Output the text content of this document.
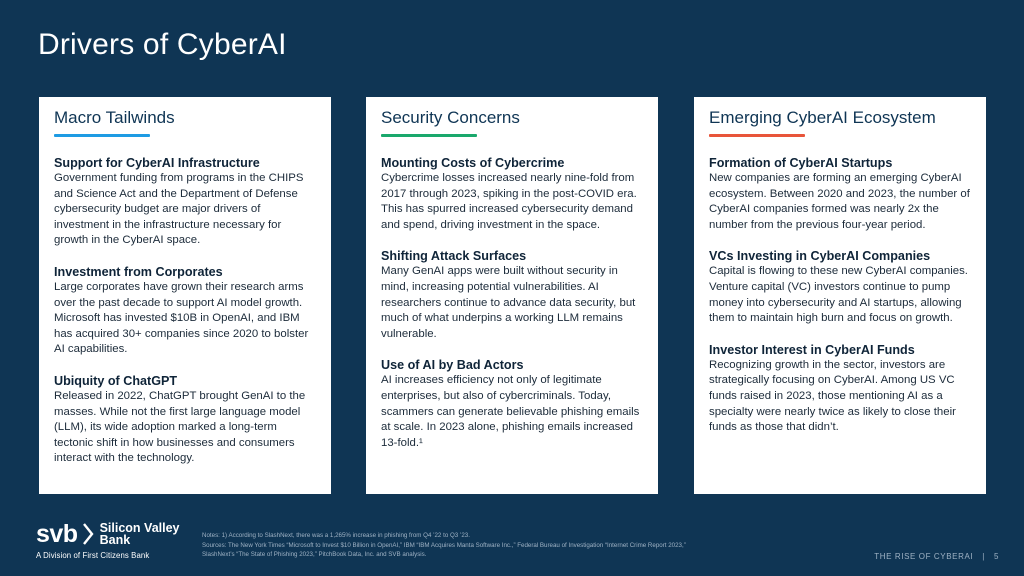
Drivers of CyberAI
Macro Tailwinds
Support for CyberAI Infrastructure
Government funding from programs in the CHIPS and Science Act and the Department of Defense cybersecurity budget are major drivers of investment in the infrastructure necessary for growth in the CyberAI space.
Investment from Corporates
Large corporates have grown their research arms over the past decade to support AI model growth. Microsoft has invested $10B in OpenAI, and IBM has acquired 30+ companies since 2020 to bolster AI capabilities.
Ubiquity of ChatGPT
Released in 2022, ChatGPT brought GenAI to the masses. While not the first large language model (LLM), its wide adoption marked a long-term tectonic shift in how businesses and consumers interact with the technology.
Security Concerns
Mounting Costs of Cybercrime
Cybercrime losses increased nearly nine-fold from 2017 through 2023, spiking in the post-COVID era. This has spurred increased cybersecurity demand and spend, driving investment in the space.
Shifting Attack Surfaces
Many GenAI apps were built without security in mind, increasing potential vulnerabilities. AI researchers continue to advance data security, but much of what underpins a working LLM remains vulnerable.
Use of AI by Bad Actors
AI increases efficiency not only of legitimate enterprises, but also of cybercriminals. Today, scammers can generate believable phishing emails at scale. In 2023 alone, phishing emails increased 13-fold.¹
Emerging CyberAI Ecosystem
Formation of CyberAI Startups
New companies are forming an emerging CyberAI ecosystem. Between 2020 and 2023, the number of CyberAI companies formed was nearly 2x the number from the previous four-year period.
VCs Investing in CyberAI Companies
Capital is flowing to these new CyberAI companies. Venture capital (VC) investors continue to pump money into cybersecurity and AI startups, allowing them to maintain high burn and focus on growth.
Investor Interest in CyberAI Funds
Recognizing growth in the sector, investors are strategically focusing on CyberAI. Among US VC funds raised in 2023, those mentioning AI as a specialty were nearly twice as likely to close their funds as those that didn’t.
svb Silicon Valley
Bank
A Division of First Citizens Bank

Notes: 1) According to SlashNext, there was a 1,265% increase in phishing from Q4 ’22 to Q3 ’23.

Sources: The New York Times “Microsoft to Invest $10 Billion in OpenAI,” IBM “IBM Acquires Manta Software Inc.,” Federal Bureau of Investigation “Internet Crime Report 2023,” SlashNext’s “The State of Phishing 2023,” PitchBook Data, Inc. and SVB analysis.	THE RISE OF CYBERAI | 5
